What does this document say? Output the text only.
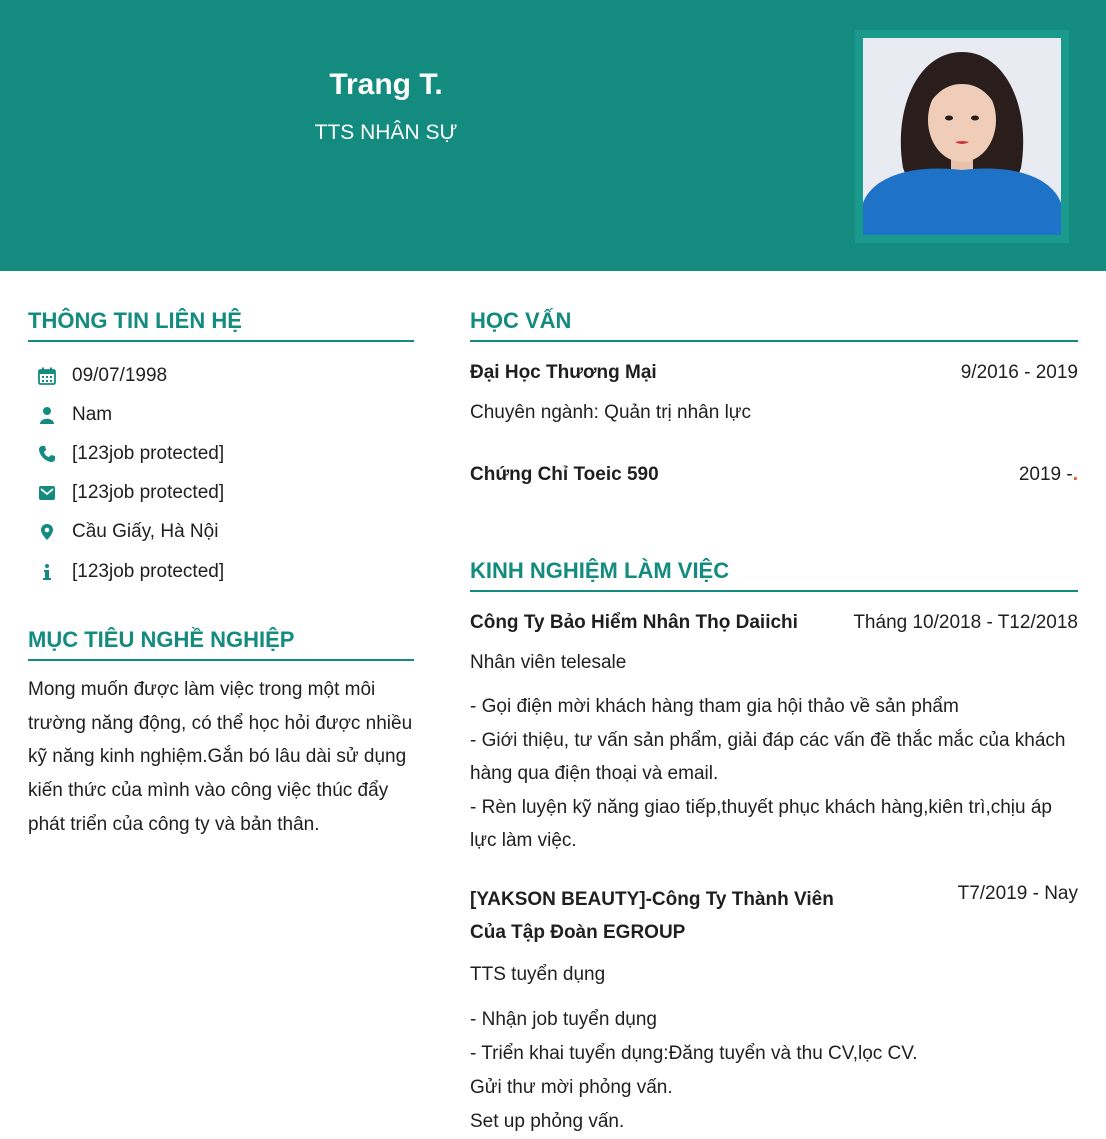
Trang T.
TTS NHÂN SỰ
THÔNG TIN LIÊN HỆ
09/07/1998
Nam
[123job protected]
[123job protected]
Cầu Giấy, Hà Nội
[123job protected]
MỤC TIÊU NGHỀ NGHIỆP

Mong muốn được làm việc trong một môi trường năng động, có thể học hỏi được nhiều kỹ năng kinh nghiệm.Gắn bó lâu dài sử dụng kiến thức của mình vào công việc thúc đẩy phát triển của công ty và bản thân.

HỌC VẤN
Đại Học Thương Mại	9/2016 - 2019
Chuyên ngành: Quản trị nhân lực
Chứng Chỉ Toeic 590	2019 -.
KINH NGHIỆM LÀM VIỆC
Công Ty Bảo Hiểm Nhân Thọ Daiichi	Tháng 10/2018 - T12/2018
Nhân viên telesale
- Gọi điện mời khách hàng tham gia hội thảo về sản phẩm
- Giới thiệu, tư vấn sản phẩm, giải đáp các vấn đề thắc mắc của khách hàng qua điện thoại và email.
- Rèn luyện kỹ năng giao tiếp,thuyết phục khách hàng,kiên trì,chịu áp lực làm việc.
[YAKSON BEAUTY]-Công Ty Thành Viên Của Tập Đoàn EGROUP
T7/2019 - Nay
TTS tuyển dụng
- Nhận job tuyển dụng
- Triển khai tuyển dụng:Đăng tuyển và thu CV,lọc CV.
Gửi thư mời phỏng vấn.
Set up phỏng vấn.
